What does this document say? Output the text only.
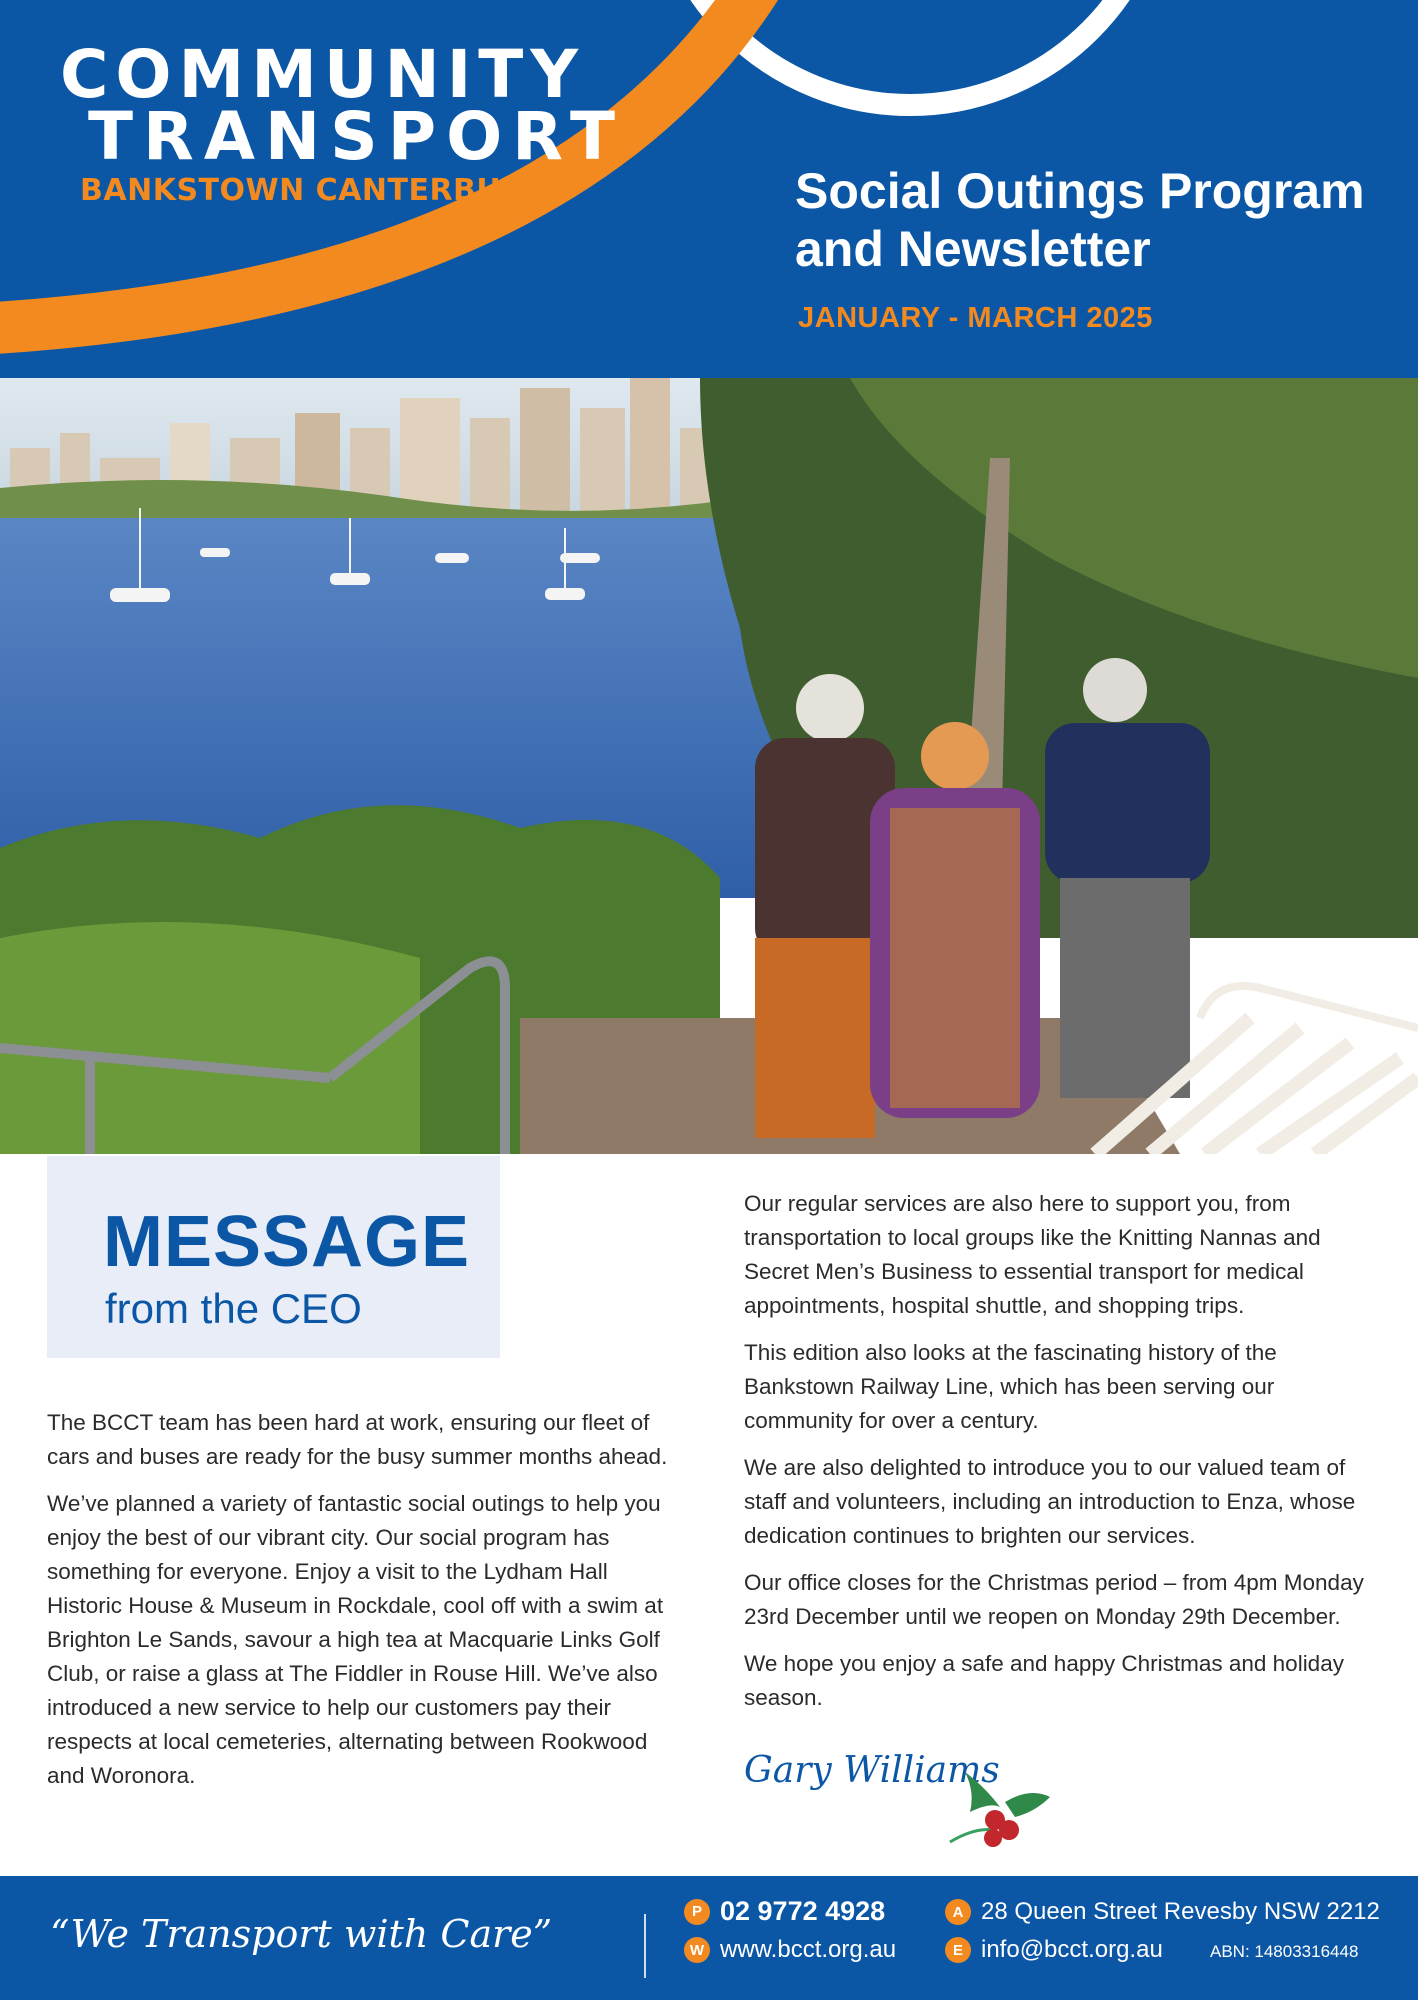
COMMUNITY
TRANSPORT
BANKSTOWN CANTERBURY	Social Outings Program
and Newsletter
JANUARY - MARCH 2025
MESSAGE
from the CEO

The BCCT team has been hard at work, ensuring our fleet of cars and buses are ready for the busy summer months ahead.

We’ve planned a variety of fantastic social outings to help you enjoy the best of our vibrant city. Our social program has something for everyone. Enjoy a visit to the Lydham Hall Historic House & Museum in Rockdale, cool off with a swim at Brighton Le Sands, savour a high tea at Macquarie Links Golf Club, or raise a glass at The Fiddler in Rouse Hill. We’ve also introduced a new service to help our customers pay their respects at local cemeteries, alternating between Rookwood and Woronora.

Our regular services are also here to support you, from transportation to local groups like the Knitting Nannas and Secret Men’s Business to essential transport for medical appointments, hospital shuttle, and shopping trips.

This edition also looks at the fascinating history of the Bankstown Railway Line, which has been serving our community for over a century.

We are also delighted to introduce you to our valued team of staff and volunteers, including an introduction to Enza, whose dedication continues to brighten our services.

Our office closes for the Christmas period – from 4pm Monday 23rd December until we reopen on Monday 29th December.

We hope you enjoy a safe and happy Christmas and holiday season.

Gary Williams
“We Transport with Care”
P 02 9772 4928
W www.bcct.org.au
A 28 Queen Street Revesby NSW 2212
E info@bcct.org.au	ABN: 14803316448
